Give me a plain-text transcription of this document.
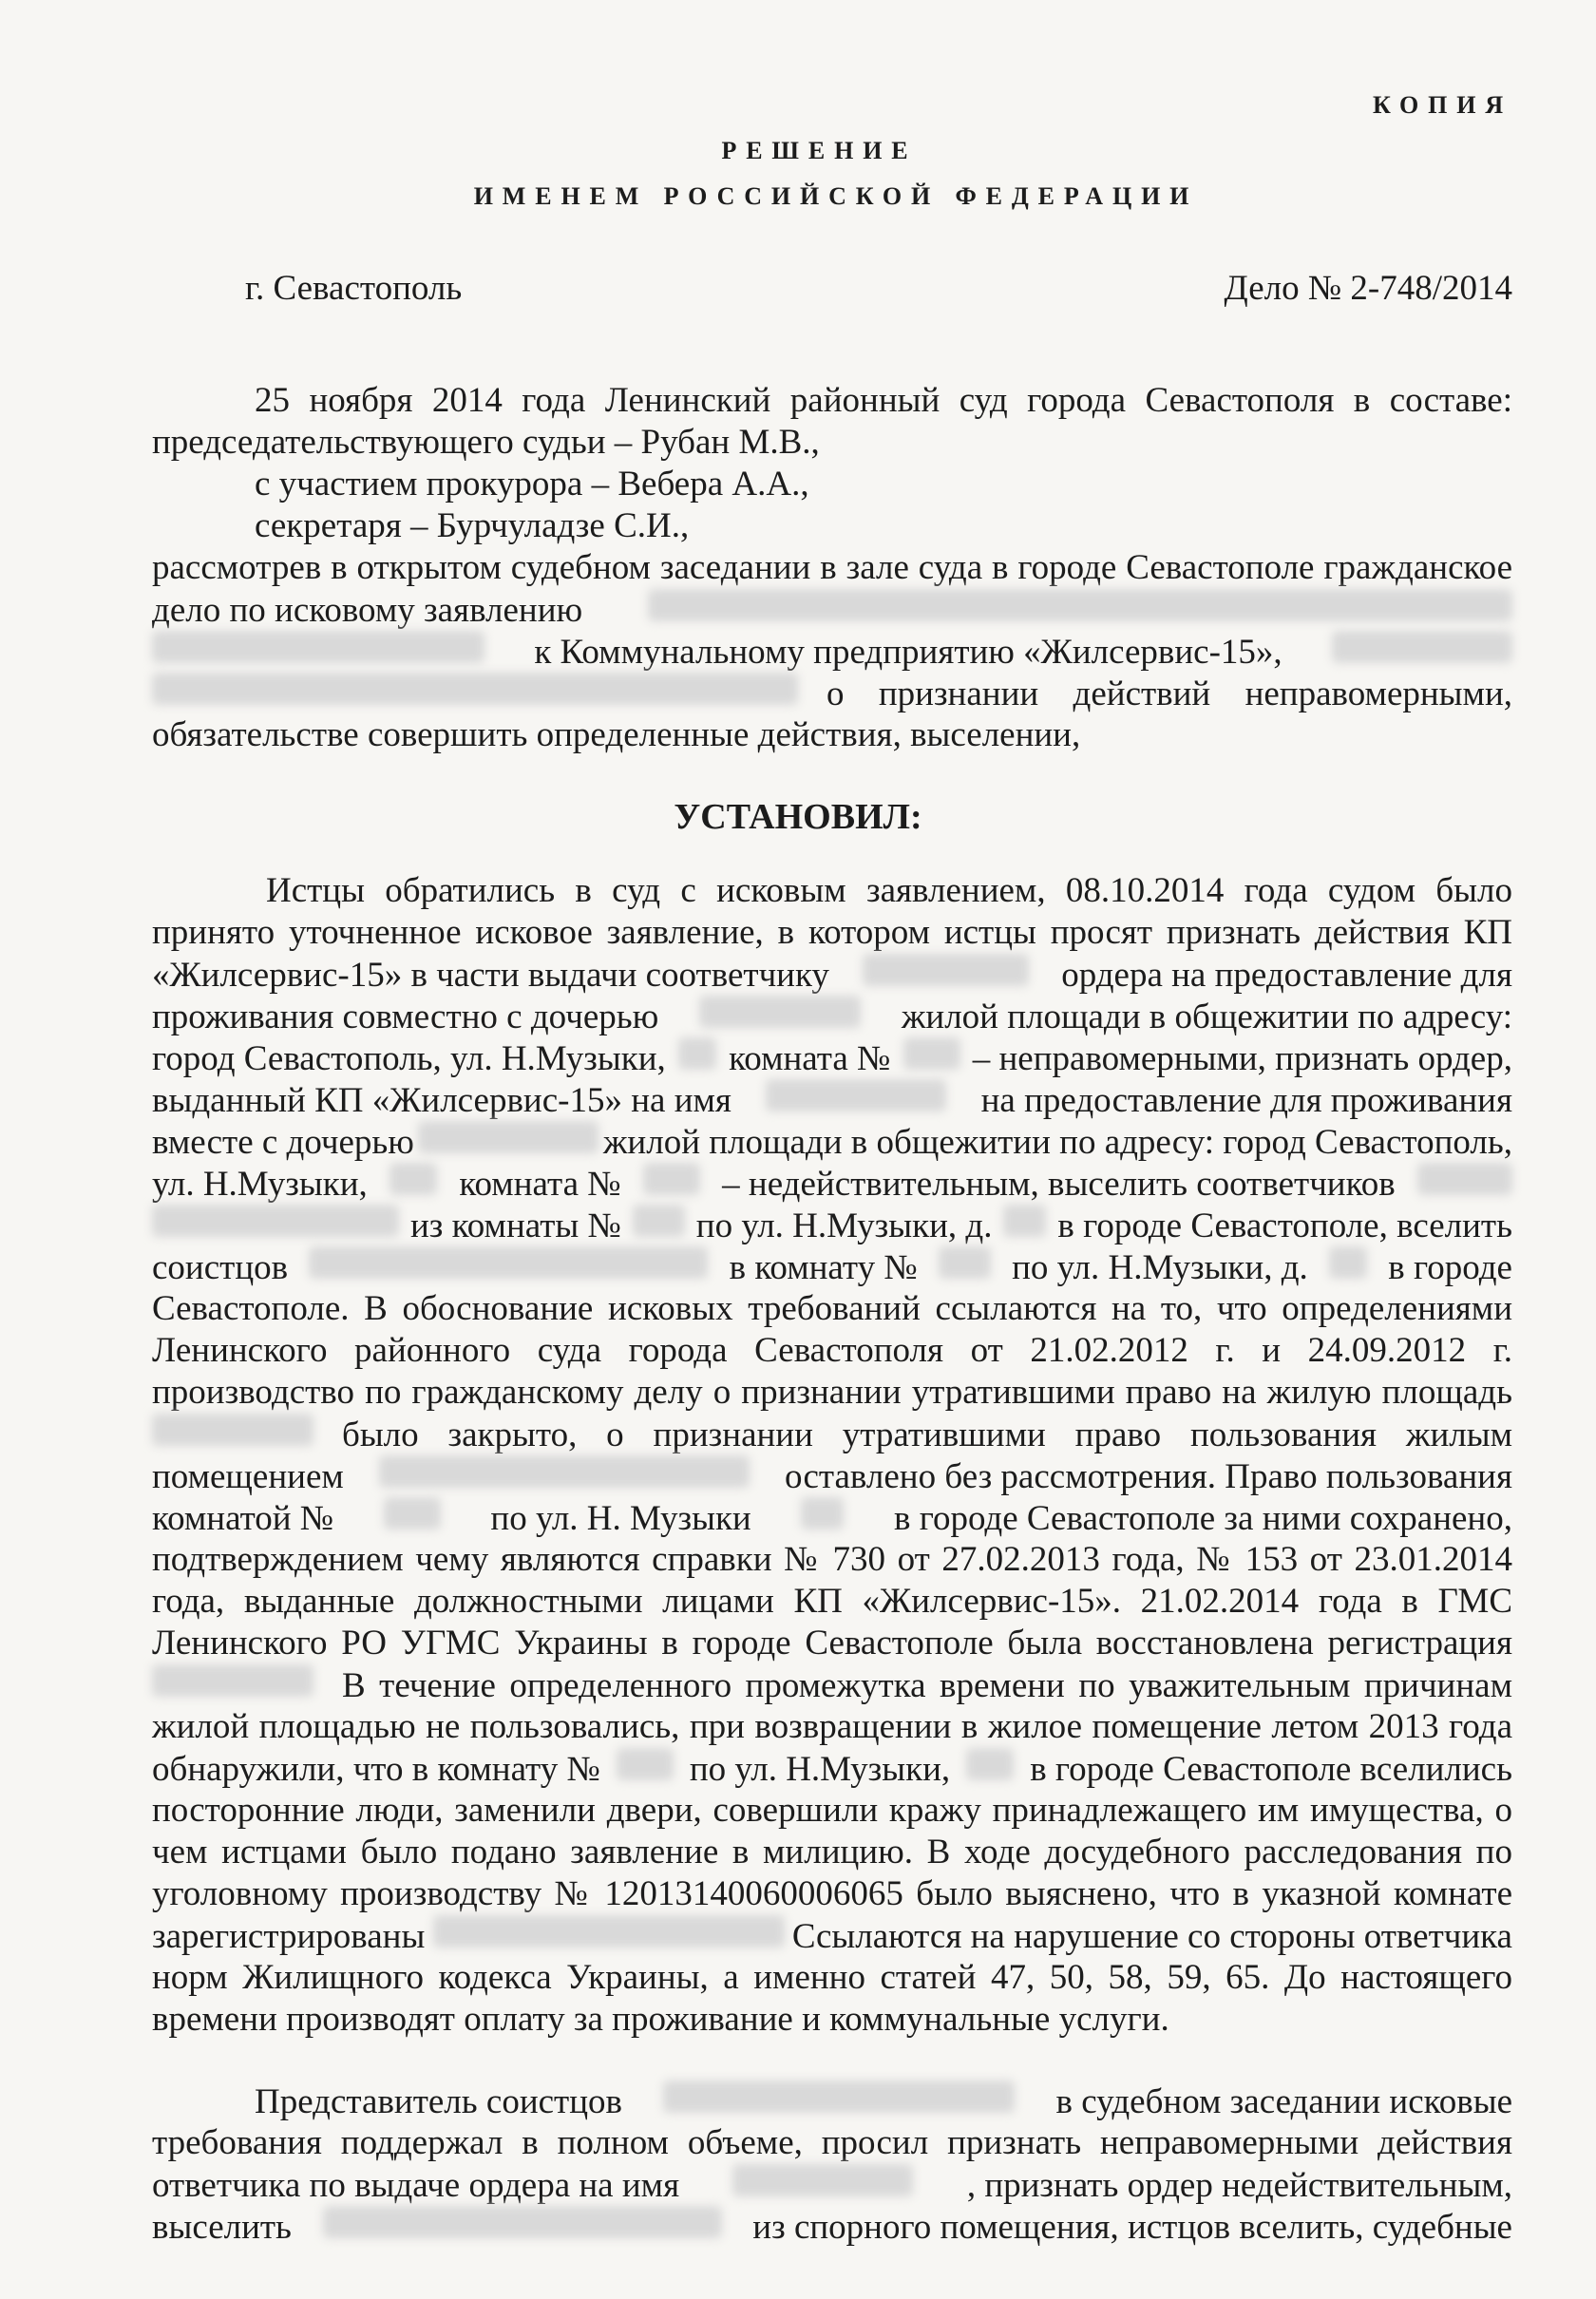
КОПИЯ
РЕШЕНИЕ
ИМЕНЕМ РОССИЙСКОЙ ФЕДЕРАЦИИ
г. Севастополь	Дело № 2-748/2014
25 ноября 2014 года Ленинский районный суд города Севастополя в составе:
председательствующего судьи – Рубан М.В.,
с участием прокурора – Вебера А.А.,
секретаря – Бурчуладзе С.И.,
рассмотрев в открытом судебном заседании в зале суда в городе Севастополе гражданское
дело по исковому заявлению
к Коммунальному предприятию «Жилсервис-15»,
о признании действий неправомерными,
обязательстве совершить определенные действия, выселении,
УСТАНОВИЛ:
Истцы обратились в суд с исковым заявлением, 08.10.2014 года судом было
принято уточненное исковое заявление, в котором истцы просят признать действия КП
«Жилсервис-15» в части выдачи соответчику	ордера на предоставление для
проживания совместно с дочерью	жилой площади в общежитии по адресу:
город Севастополь, ул. Н.Музыки, комната № – неправомерными, признать ордер,
выданный КП «Жилсервис-15» на имя	на предоставление для проживания
вместе с дочерью	жилой площади в общежитии по адресу: город Севастополь,
ул. Н.Музыки,	комната №	– недействительным, выселить соответчиков
из комнаты № по ул. Н.Музыки, д. в городе Севастополе, вселить
соистцов	в комнату №	по ул. Н.Музыки, д. в городе
Севастополе. В обоснование исковых требований ссылаются на то, что определениями
Ленинского районного суда города Севастополя от 21.02.2012 г. и 24.09.2012 г.
производство по гражданскому делу о признании утратившими право на жилую площадь
было закрыто, о признании утратившими право пользования жилым
помещением	оставлено без рассмотрения. Право пользования
комнатой №	по ул. Н. Музыки	в городе Севастополе за ними сохранено,
подтверждением чему являются справки № 730 от 27.02.2013 года, № 153 от 23.01.2014
года, выданные должностными лицами КП «Жилсервис-15». 21.02.2014 года в ГМС
Ленинского РО УГМС Украины в городе Севастополе была восстановлена регистрация
В течение определенного промежутка времени по уважительным причинам
жилой площадью не пользовались, при возвращении в жилое помещение летом 2013 года
обнаружили, что в комнату №	по ул. Н.Музыки, в городе Севастополе вселились
посторонние люди, заменили двери, совершили кражу принадлежащего им имущества, о
чем истцами было подано заявление в милицию. В ходе досудебного расследования по
уголовному производству № 12013140060006065 было выяснено, что в указной комнате
зарегистрированы	Ссылаются на нарушение со стороны ответчика
норм Жилищного кодекса Украины, а именно статей 47, 50, 58, 59, 65. До настоящего
времени производят оплату за проживание и коммунальные услуги.
Представитель соистцов	в судебном заседании исковые
требования поддержал в полном объеме, просил признать неправомерными действия
ответчика по выдаче ордера на имя	, признать ордер недействительным,
выселить	из спорного помещения, истцов вселить, судебные
